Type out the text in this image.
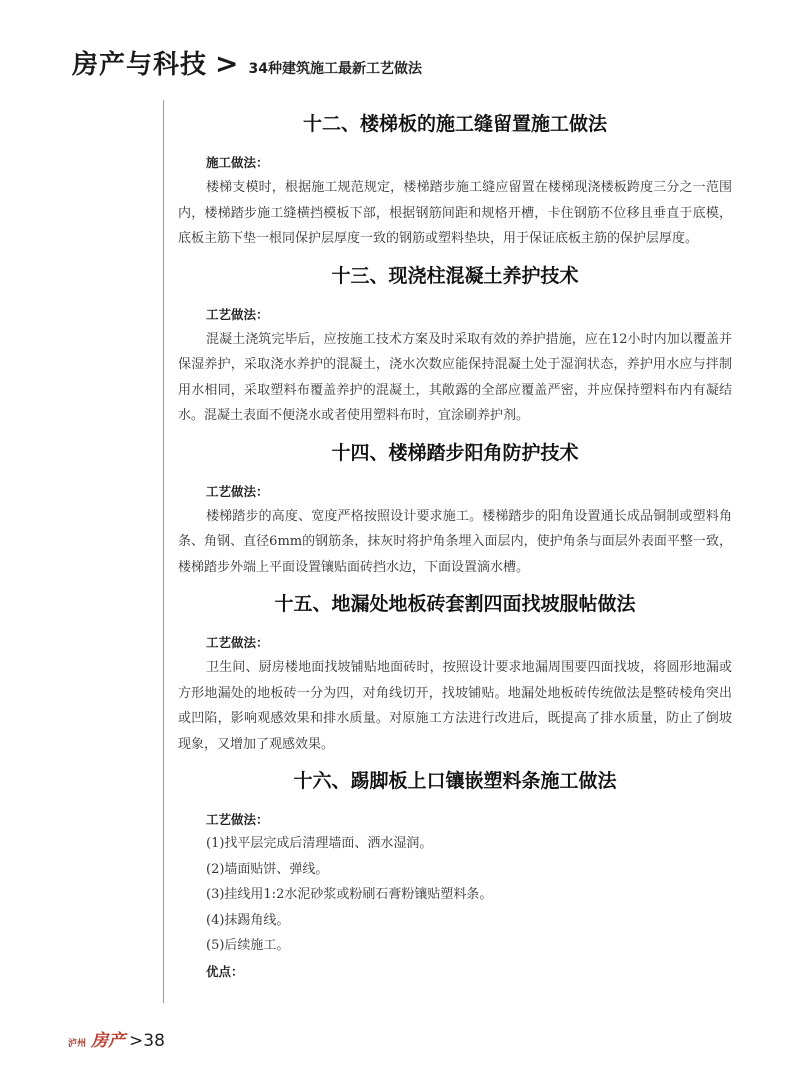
房产与科技 > 34种建筑施工最新工艺做法
十二、楼梯板的施工缝留置施工做法

施工做法：

楼梯支模时，根据施工规范规定，楼梯踏步施工缝应留置在楼梯现浇楼板跨度三分之一范围内，楼梯踏步施工缝横挡模板下部，根据钢筋间距和规格开槽，卡住钢筋不位移且垂直于底模，底板主筋下垫一根同保护层厚度一致的钢筋或塑料垫块，用于保证底板主筋的保护层厚度。

十三、现浇柱混凝土养护技术

工艺做法：

混凝土浇筑完毕后，应按施工技术方案及时采取有效的养护措施，应在12小时内加以覆盖并保湿养护，采取浇水养护的混凝土，浇水次数应能保持混凝土处于湿润状态，养护用水应与拌制用水相同，采取塑料布覆盖养护的混凝土，其敞露的全部应覆盖严密，并应保持塑料布内有凝结水。混凝土表面不便浇水或者使用塑料布时，宜涂刷养护剂。

十四、楼梯踏步阳角防护技术

工艺做法：

楼梯踏步的高度、宽度严格按照设计要求施工。楼梯踏步的阳角设置通长成品铜制或塑料角条、角钢、直径6mm的钢筋条，抹灰时将护角条埋入面层内，使护角条与面层外表面平整一致，楼梯踏步外端上平面设置镶贴面砖挡水边，下面设置滴水槽。

十五、地漏处地板砖套割四面找坡服帖做法

工艺做法：

卫生间、厨房楼地面找坡铺贴地面砖时，按照设计要求地漏周围要四面找坡，将圆形地漏或方形地漏处的地板砖一分为四，对角线切开，找坡铺贴。地漏处地板砖传统做法是整砖棱角突出或凹陷，影响观感效果和排水质量。对原施工方法进行改进后，既提高了排水质量，防止了倒坡现象，又增加了观感效果。

十六、踢脚板上口镶嵌塑料条施工做法

工艺做法：

(1)找平层完成后清理墙面、洒水湿润。

(2)墙面贴饼、弹线。

(3)挂线用1:2水泥砂浆或粉刷石膏粉镶贴塑料条。

(4)抹踢角线。

(5)后续施工。

优点：

泸州 房产 >38
